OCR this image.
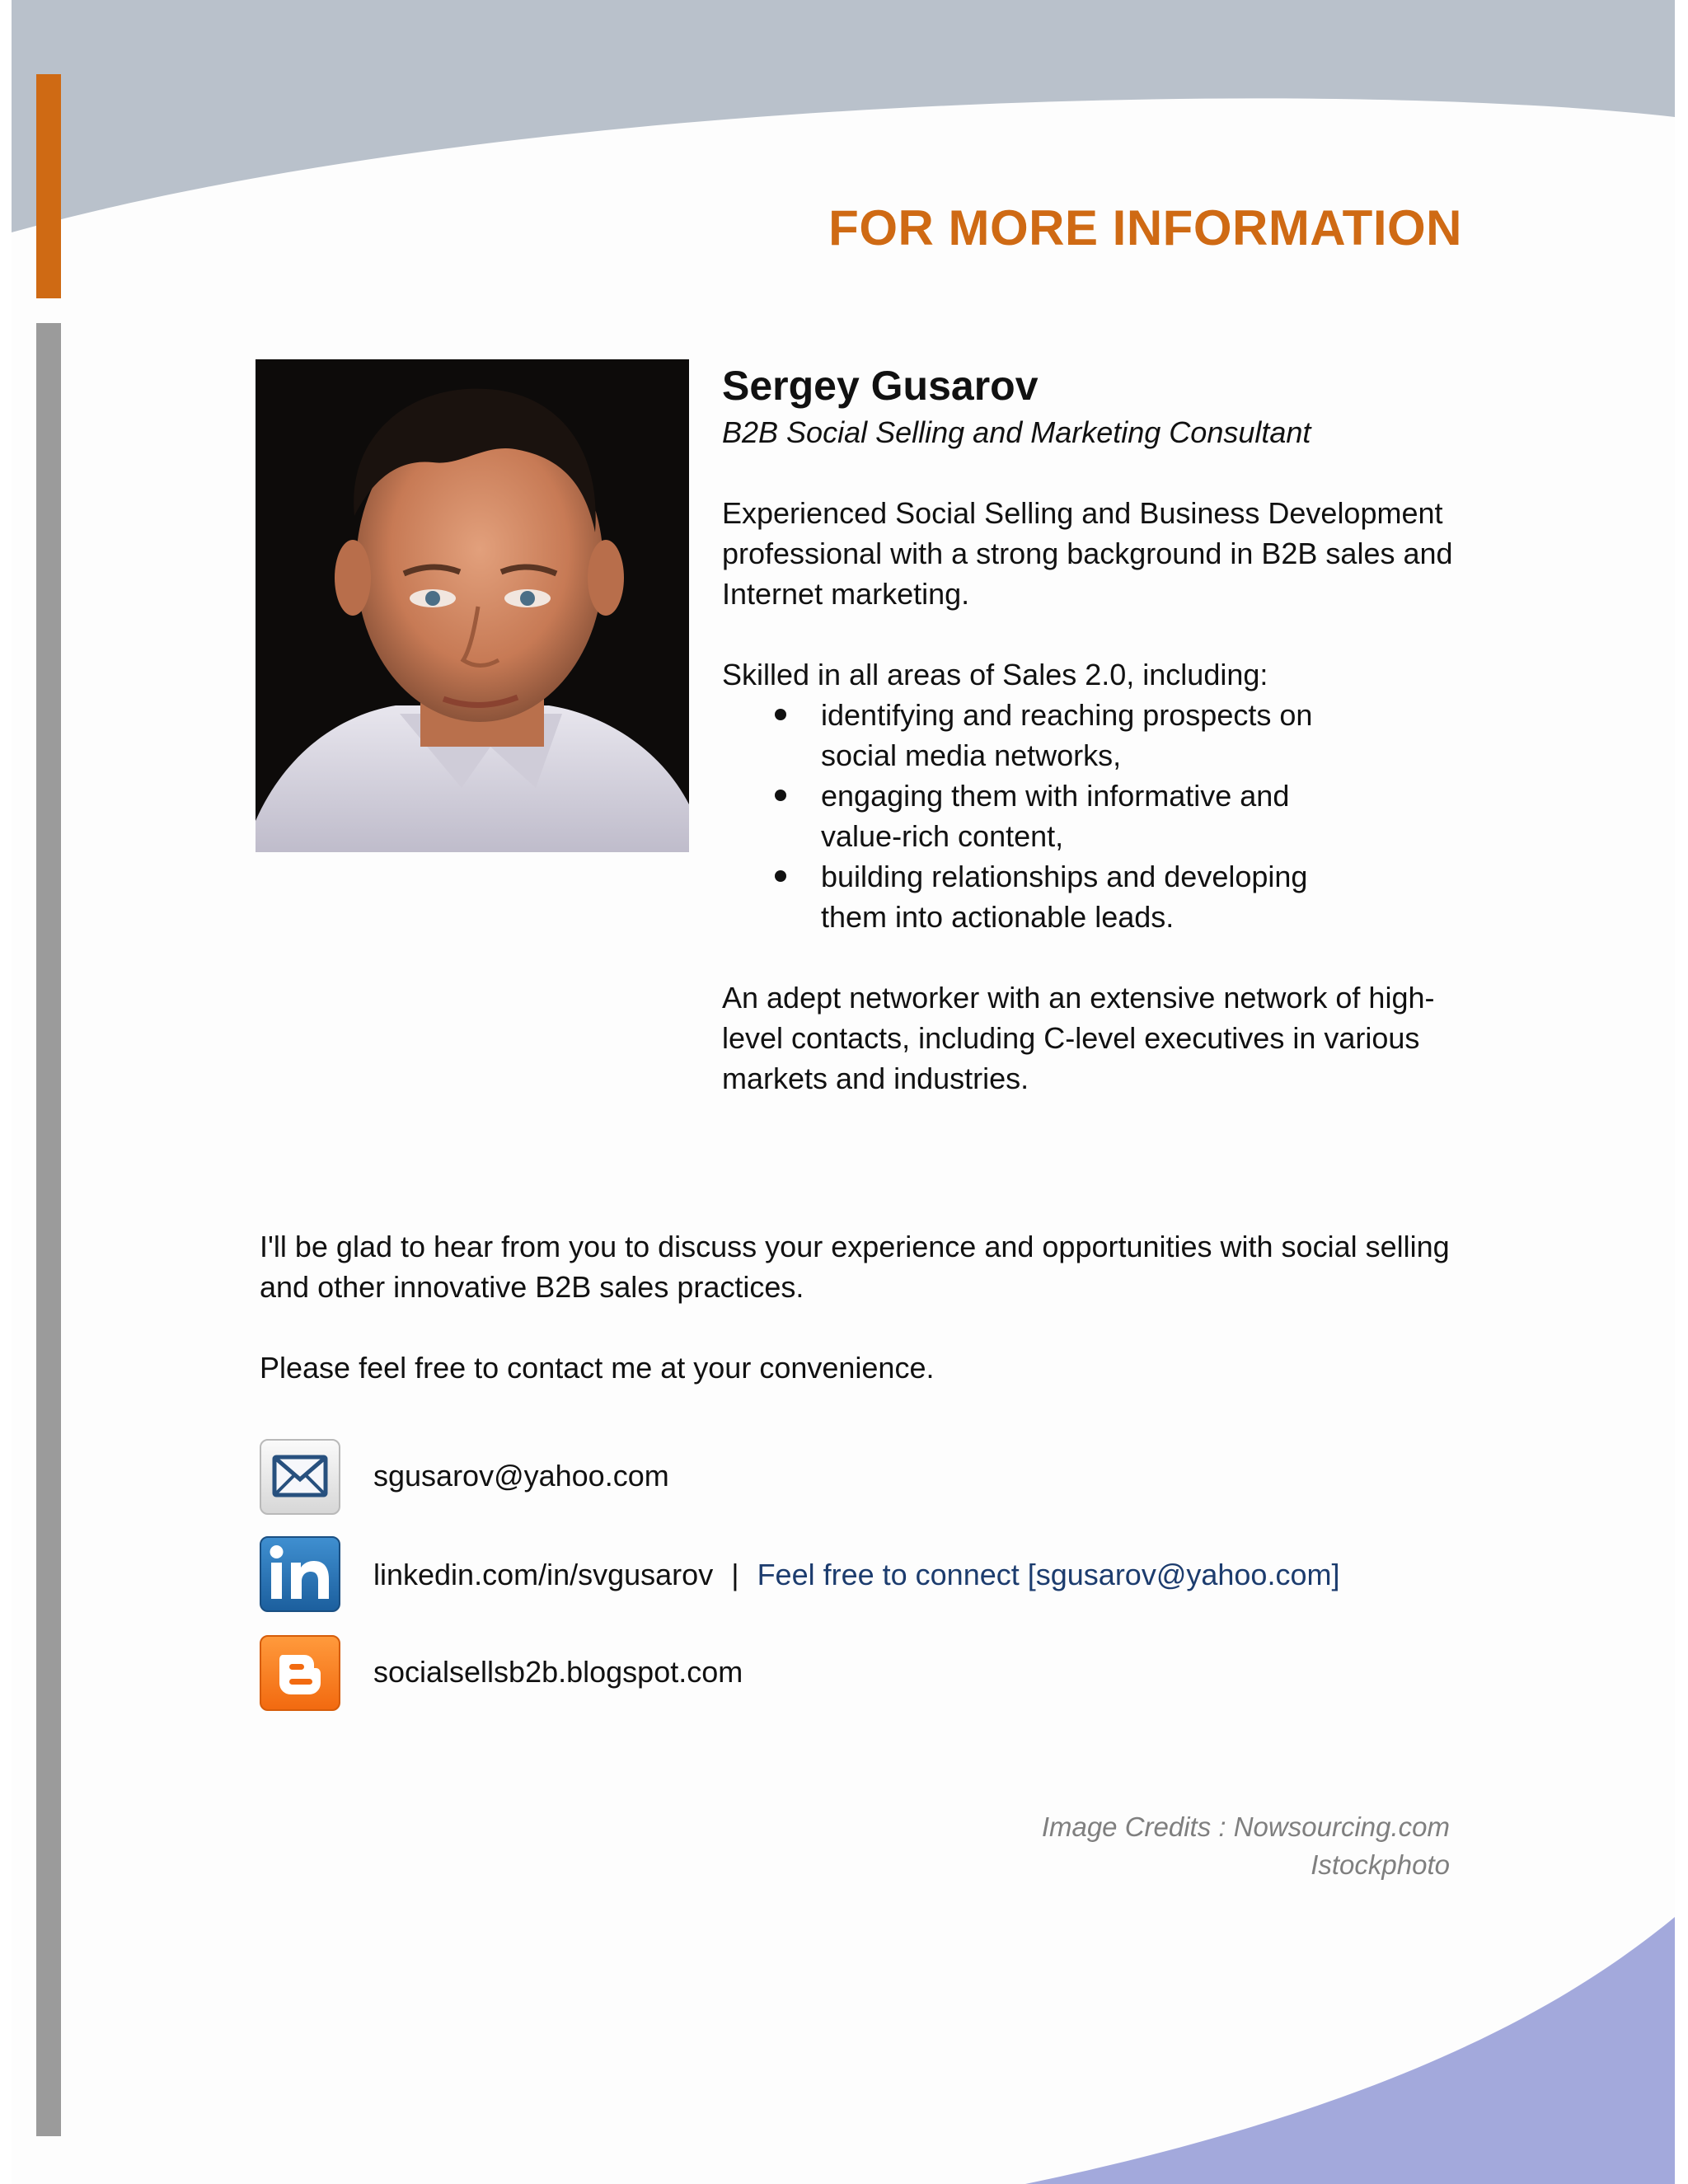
FOR MORE INFORMATION

Sergey Gusarov

B2B Social Selling and Marketing Consultant

Experienced Social Selling and Business Development professional with a strong background in B2B sales and Internet marketing.

Skilled in all areas of Sales 2.0, including:

identifying and reaching prospects on social media networks,
engaging them with informative and value-rich content,
building relationships and developing them into actionable leads.

An adept networker with an extensive network of high-level contacts, including C-level executives in various markets and industries.

I'll be glad to hear from you to discuss your experience and opportunities with social selling and other innovative B2B sales practices.

Please feel free to contact me at your convenience.

sgusarov@yahoo.com
linkedin.com/in/svgusarov | Feel free to connect [sgusarov@yahoo.com]
socialsellsb2b.blogspot.com

Image Credits : Nowsourcing.com

Istockphoto
